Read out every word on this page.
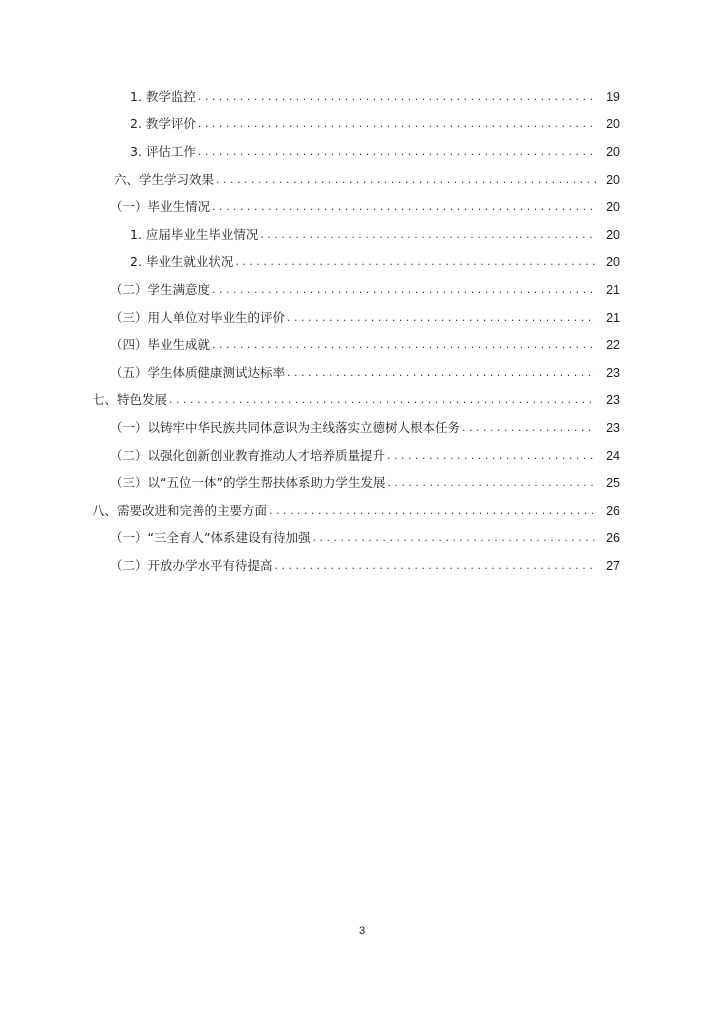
1. 教学监控 . . .	19
2. 教学评价 . . .	20
3. 评估工作 . . .	20
六、学生学习效果 . . .	20
（一）毕业生情况 . . .	20
1. 应届毕业生毕业情况 . . .	20
2. 毕业生就业状况 . . .	20
（二）学生满意度 . . .	21
（三）用人单位对毕业生的评价 . . .	21
（四）毕业生成就 . . .	22
（五）学生体质健康测试达标率 . . .	23
七、特色发展 . . .	23
（一）以铸牢中华民族共同体意识为主线落实立德树人根本任务 . . .	23
（二）以强化创新创业教育推动人才培养质量提升 . . .	24
（三）以“五位一体”的学生帮扶体系助力学生发展 . . .	25
八、需要改进和完善的主要方面 . . .	26
（一）“三全育人”体系建设有待加强 . . .	26
（二）开放办学水平有待提高 . . .	27
3
